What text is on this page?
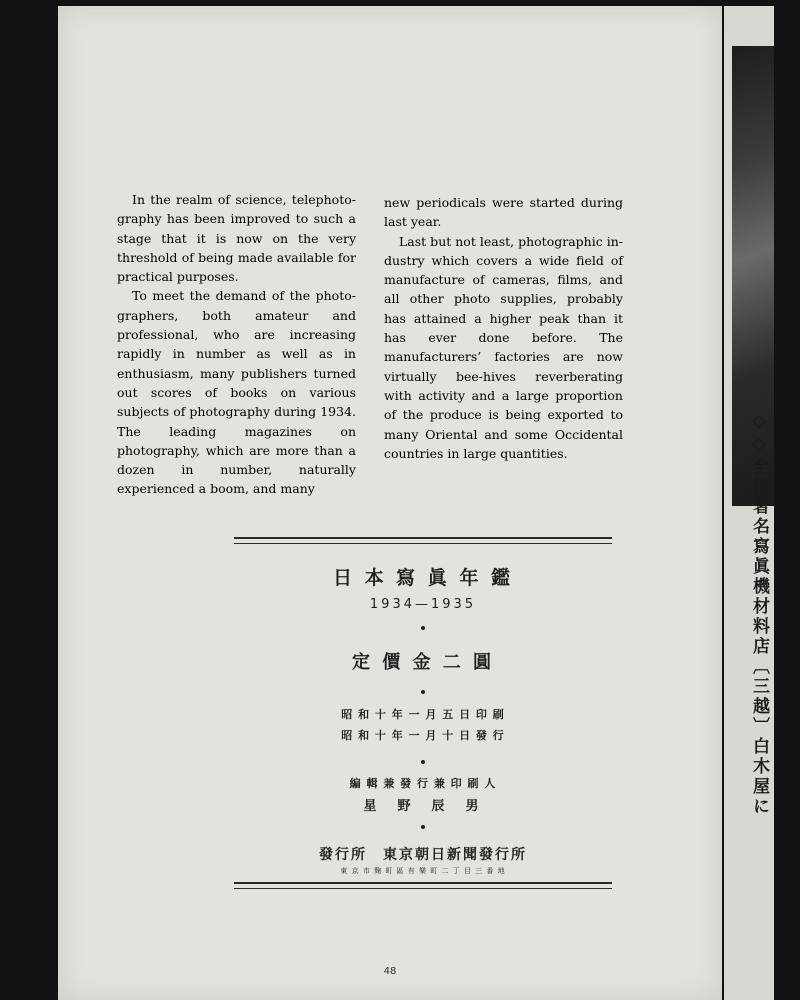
◇◇全國著名寫眞機材料店〔三越〕白木屋に

In the realm of science, telephotography has been improved to such a stage that it is now on the very threshold of being made available for practical purposes.

To meet the demand of the photographers, both amateur and professional, who are increasing rapidly in number as well as in enthusiasm, many publishers turned out scores of books on various subjects of photography during 1934. The leading magazines on photography, which are more than a dozen in number, naturally experienced a boom, and many

new periodicals were started during last year.

Last but not least, photographic industry which covers a wide field of manufacture of cameras, films, and all other photo supplies, probably has attained a higher peak than it has ever done before. The manufacturers’ factories are now virtually bee-hives reverberating with activity and a large proportion of the produce is being exported to many Oriental and some Occidental countries in large quantities.

日 本 寫 眞 年 鑑
1934—1935
定 價 金 二 圓
昭 和 十 年 一 月 五 日 印 刷
昭 和 十 年 一 月 十 日 發 行
編 輯 兼 發 行 兼 印 刷 人
星　野　辰　男
發行所　東京朝日新聞發行所
東 京 市 麴 町 區 有 樂 町 二 丁 目 三 番 地
48
